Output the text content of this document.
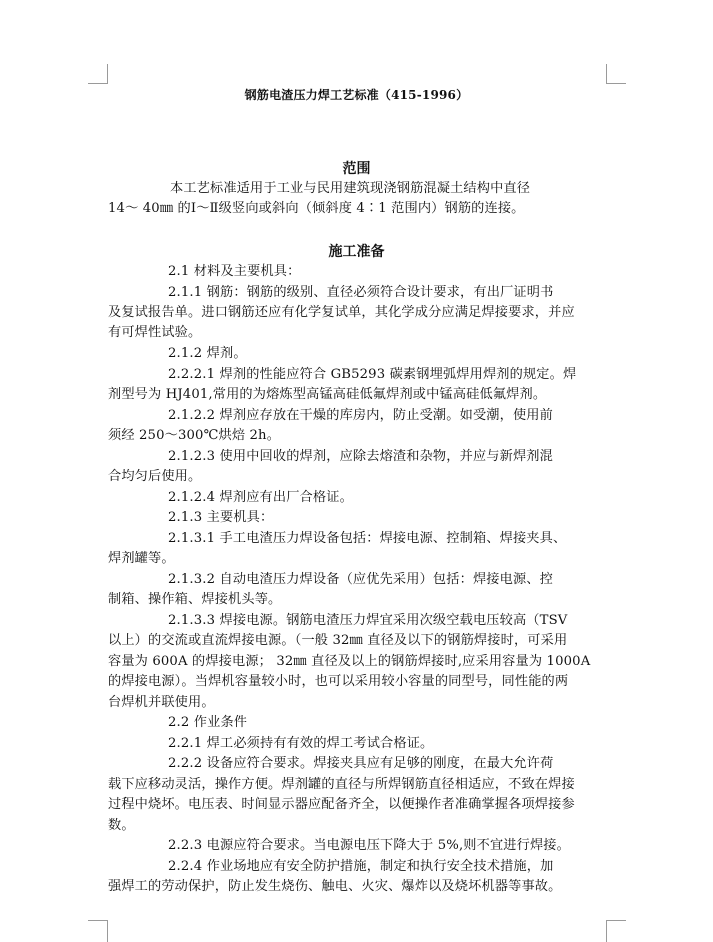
钢筋电渣压力焊工艺标准（415-1996）
范围
本工艺标准适用于工业与民用建筑现浇钢筋混凝土结构中直径
14～ 40㎜ 的Ⅰ～Ⅱ级竖向或斜向（倾斜度 4∶1 范围内）钢筋的连接。
施工准备
2.1 材料及主要机具：
2.1.1 钢筋：钢筋的级别、直径必须符合设计要求，有出厂证明书
及复试报告单。进口钢筋还应有化学复试单，其化学成分应满足焊接要求，并应
有可焊性试验。
2.1.2 焊剂。
2.2.2.1 焊剂的性能应符合 GB5293 碳素钢埋弧焊用焊剂的规定。焊
剂型号为 HJ401,常用的为熔炼型高锰高硅低氟焊剂或中锰高硅低氟焊剂。
2.1.2.2 焊剂应存放在干燥的库房内，防止受潮。如受潮，使用前
须经 250～300℃烘焙 2h。
2.1.2.3 使用中回收的焊剂，应除去熔渣和杂物，并应与新焊剂混
合均匀后使用。
2.1.2.4 焊剂应有出厂合格证。
2.1.3 主要机具：
2.1.3.1 手工电渣压力焊设备包括：焊接电源、控制箱、焊接夹具、
焊剂罐等。
2.1.3.2 自动电渣压力焊设备（应优先采用）包括：焊接电源、控
制箱、操作箱、焊接机头等。
2.1.3.3 焊接电源。钢筋电渣压力焊宜采用次级空载电压较高（TSV
以上）的交流或直流焊接电源。（一般 32㎜ 直径及以下的钢筋焊接时，可采用
容量为 600A 的焊接电源； 32㎜ 直径及以上的钢筋焊接时,应采用容量为 1000A
的焊接电源）。当焊机容量较小时，也可以采用较小容量的同型号，同性能的两
台焊机并联使用。
2.2 作业条件
2.2.1 焊工必须持有有效的焊工考试合格证。
2.2.2 设备应符合要求。焊接夹具应有足够的刚度，在最大允许荷
载下应移动灵活，操作方便。焊剂罐的直径与所焊钢筋直径相适应，不致在焊接
过程中烧坏。电压表、时间显示器应配备齐全，以便操作者准确掌握各项焊接参
数。
2.2.3 电源应符合要求。当电源电压下降大于 5%,则不宜进行焊接。
2.2.4 作业场地应有安全防护措施，制定和执行安全技术措施，加
强焊工的劳动保护，防止发生烧伤、触电、火灾、爆炸以及烧坏机器等事故。
